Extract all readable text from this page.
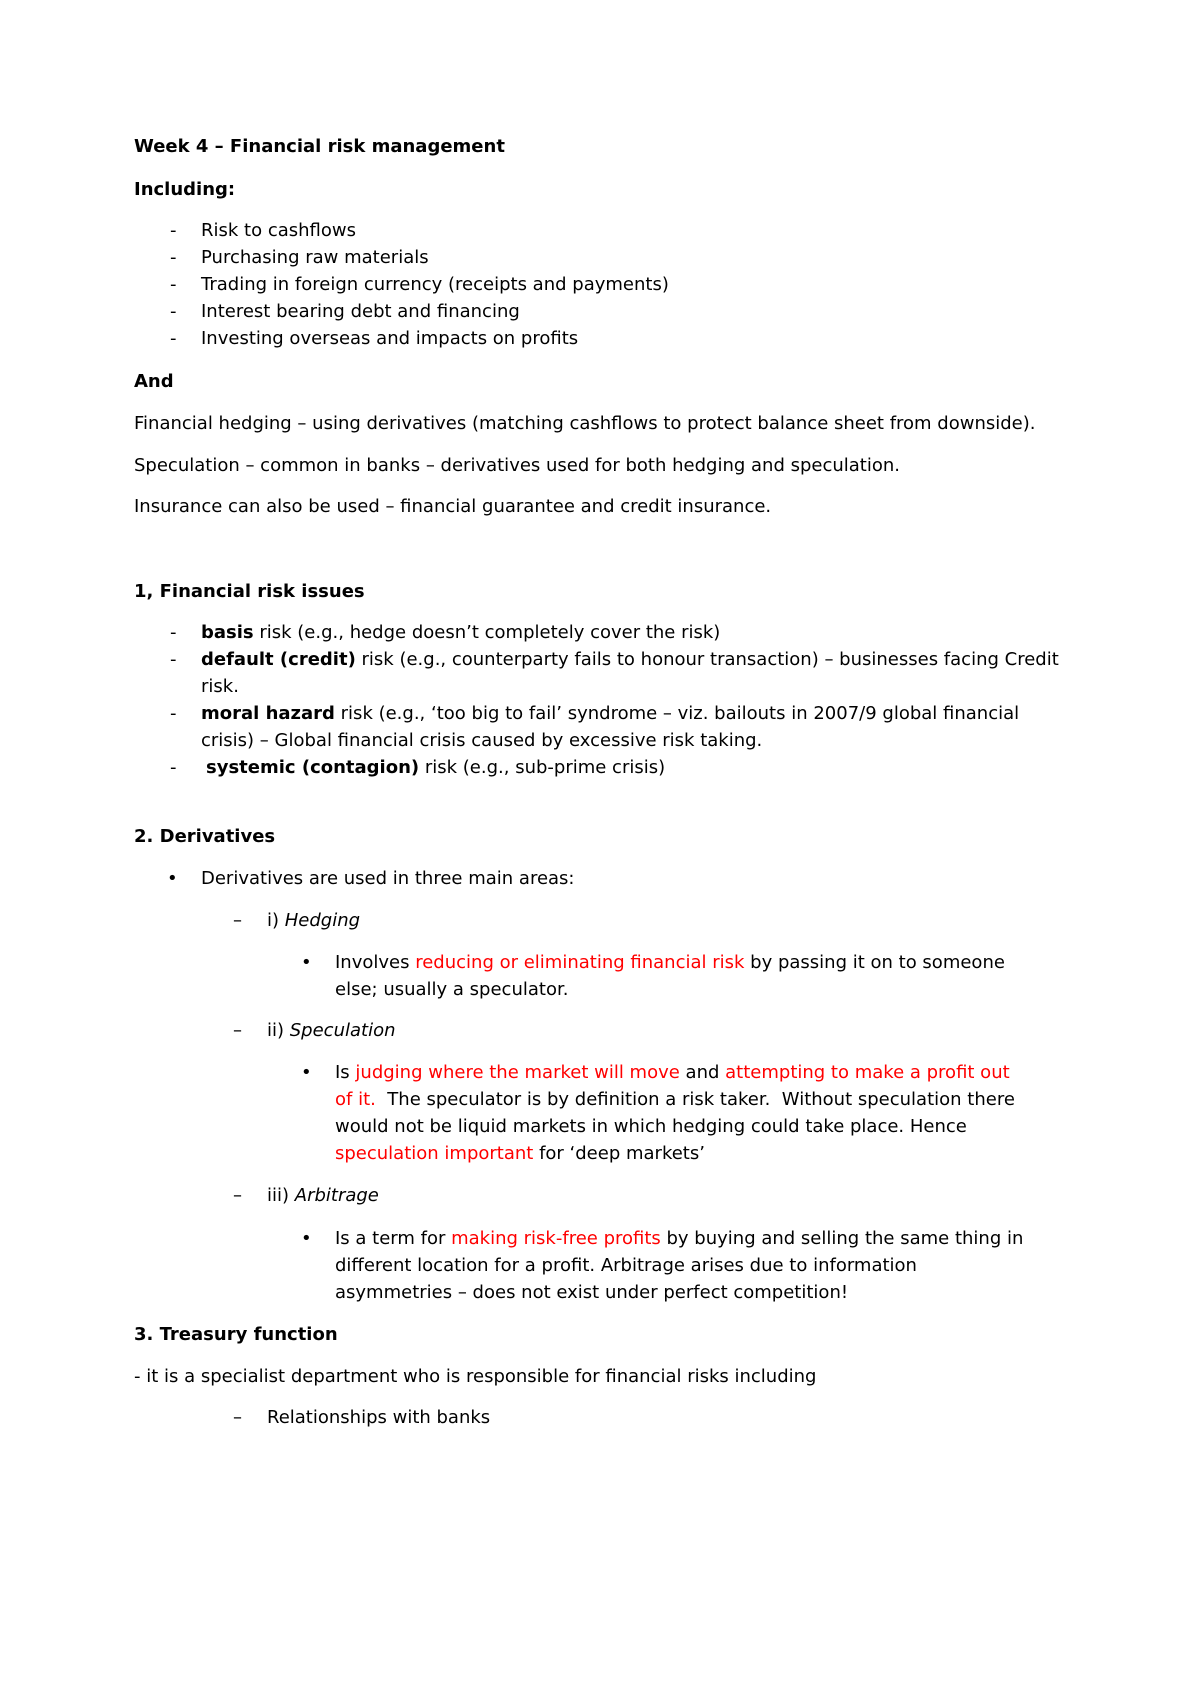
Week 4 – Financial risk management
Including:
- Risk to cashflows
- Purchasing raw materials
- Trading in foreign currency (receipts and payments)
- Interest bearing debt and financing
- Investing overseas and impacts on profits
And
Financial hedging – using derivatives (matching cashflows to protect balance sheet from downside).
Speculation – common in banks – derivatives used for both hedging and speculation.
Insurance can also be used – financial guarantee and credit insurance.
1, Financial risk issues
- basis risk (e.g., hedge doesn’t completely cover the risk)
- default (credit) risk (e.g., counterparty fails to honour transaction) – businesses facing Credit
risk.
- moral hazard risk (e.g., ‘too big to fail’ syndrome – viz. bailouts in 2007/9 global financial
crisis) – Global financial crisis caused by excessive risk taking.
- systemic (contagion) risk (e.g., sub-prime crisis)
2. Derivatives
• Derivatives are used in three main areas:
– i) Hedging
• Involves reducing or eliminating financial risk by passing it on to someone
else; usually a speculator.
– ii) Speculation
• Is judging where the market will move and attempting to make a profit out
of it.  The speculator is by definition a risk taker.  Without speculation there
would not be liquid markets in which hedging could take place. Hence
speculation important for ‘deep markets’
– iii) Arbitrage
• Is a term for making risk-free profits by buying and selling the same thing in
different location for a profit. Arbitrage arises due to information
asymmetries – does not exist under perfect competition!
3. Treasury function
- it is a specialist department who is responsible for financial risks including
– Relationships with banks
